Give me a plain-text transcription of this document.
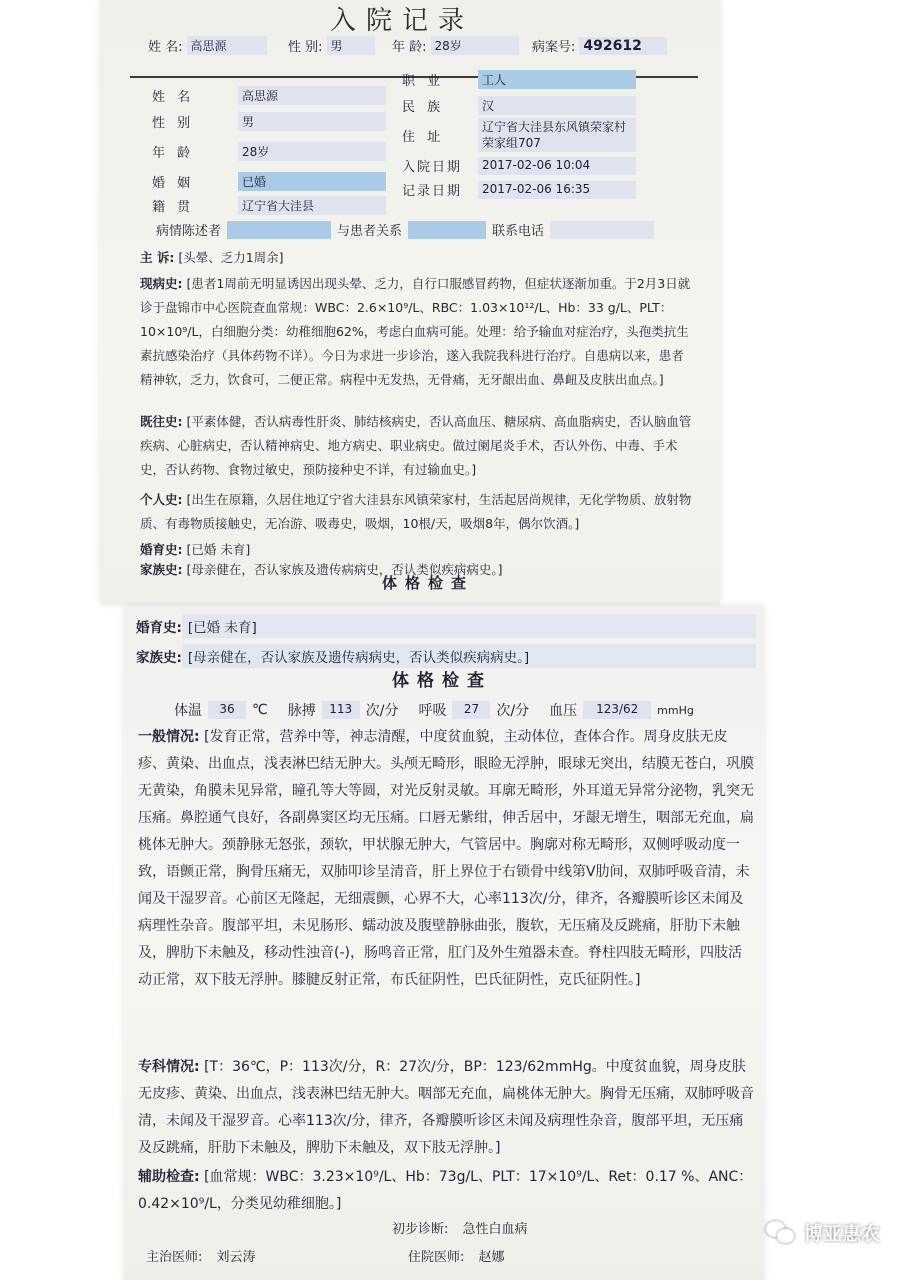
入院记录
姓 名: 高思源	性 别: 男	年 龄: 28岁	病案号: 492612
姓 名	高思源
性 别	男
年 龄	28岁
婚 姻	已婚
籍 贯	辽宁省大洼县
职 业	工人
民 族	汉
住 址
辽宁省大洼县东风镇荣家村荣家组707
入院日期	2017-02-06 10:04
记录日期	2017-02-06 16:35
病情陈述者	与患者关系	联系电话
主 诉: [头晕、乏力1周余]
现病史: [患者1周前无明显诱因出现头晕、乏力，自行口服感冒药物，但症状逐渐加重。于2月3日就诊于盘锦市中心医院查血常规：WBC：2.6×10⁹/L、RBC：1.03×10¹²/L、Hb：33 g/L、PLT：10×10⁹/L，白细胞分类：幼稚细胞62%，考虑白血病可能。处理：给予输血对症治疗，头孢类抗生素抗感染治疗（具体药物不详）。今日为求进一步诊治，遂入我院我科进行治疗。自患病以来，患者精神软，乏力，饮食可，二便正常。病程中无发热，无骨痛，无牙龈出血、鼻衄及皮肤出血点。]
既往史: [平素体健，否认病毒性肝炎、肺结核病史，否认高血压、糖尿病、高血脂病史，否认脑血管疾病、心脏病史，否认精神病史、地方病史、职业病史。做过阑尾炎手术，否认外伤、中毒、手术史，否认药物、食物过敏史，预防接种史不详，有过输血史。]
个人史: [出生在原籍，久居住地辽宁省大洼县东风镇荣家村，生活起居尚规律，无化学物质、放射物质、有毒物质接触史，无冶游、吸毒史，吸烟，10根/天，吸烟8年，偶尔饮酒。]
婚育史: [已婚 未育]
家族史: [母亲健在，否认家族及遗传病病史，否认类似疾病病史。]
体格检查
婚育史: [已婚 未育]
家族史: [母亲健在，否认家族及遗传病病史，否认类似疾病病史。]
体格检查
体温	36	℃ 脉搏	113 次/分 呼吸	27	次/分 血压	123/62	mmHg
一般情况: [发育正常，营养中等，神志清醒，中度贫血貌，主动体位，查体合作。周身皮肤无皮疹、黄染、出血点，浅表淋巴结无肿大。头颅无畸形，眼睑无浮肿，眼球无突出，结膜无苍白，巩膜无黄染，角膜未见异常，瞳孔等大等圆，对光反射灵敏。耳廓无畸形，外耳道无异常分泌物，乳突无压痛。鼻腔通气良好，各副鼻窦区均无压痛。口唇无紫绀，伸舌居中，牙龈无增生，咽部无充血，扁桃体无肿大。颈静脉无怒张，颈软，甲状腺无肿大，气管居中。胸廓对称无畸形，双侧呼吸动度一致，语颤正常，胸骨压痛无，双肺叩诊呈清音，肝上界位于右锁骨中线第Ⅴ肋间，双肺呼吸音清，未闻及干湿罗音。心前区无隆起，无细震颤，心界不大，心率113次/分，律齐，各瓣膜听诊区未闻及病理性杂音。腹部平坦，未见肠形、蠕动波及腹壁静脉曲张，腹软，无压痛及反跳痛，肝肋下未触及，脾肋下未触及，移动性浊音(-)，肠鸣音正常，肛门及外生殖器未查。脊柱四肢无畸形，四肢活动正常，双下肢无浮肿。膝腱反射正常，布氏征阴性，巴氏征阴性，克氏征阴性。]
专科情况: [T：36℃，P：113次/分，R：27次/分，BP：123/62mmHg。中度贫血貌，周身皮肤无皮疹、黄染、出血点，浅表淋巴结无肿大。咽部无充血，扁桃体无肿大。胸骨无压痛，双肺呼吸音清，未闻及干湿罗音。心率113次/分，律齐，各瓣膜听诊区未闻及病理性杂音，腹部平坦，无压痛及反跳痛，肝肋下未触及，脾肋下未触及，双下肢无浮肿。]
辅助检查: [血常规：WBC：3.23×10⁹/L、Hb：73g/L、PLT：17×10⁹/L、Ret：0.17 %、ANC：0.42×10⁹/L，分类见幼稚细胞。]
初步诊断: 急性白血病
主治医师: 刘云涛	住院医师: 赵娜
博亚惠农
